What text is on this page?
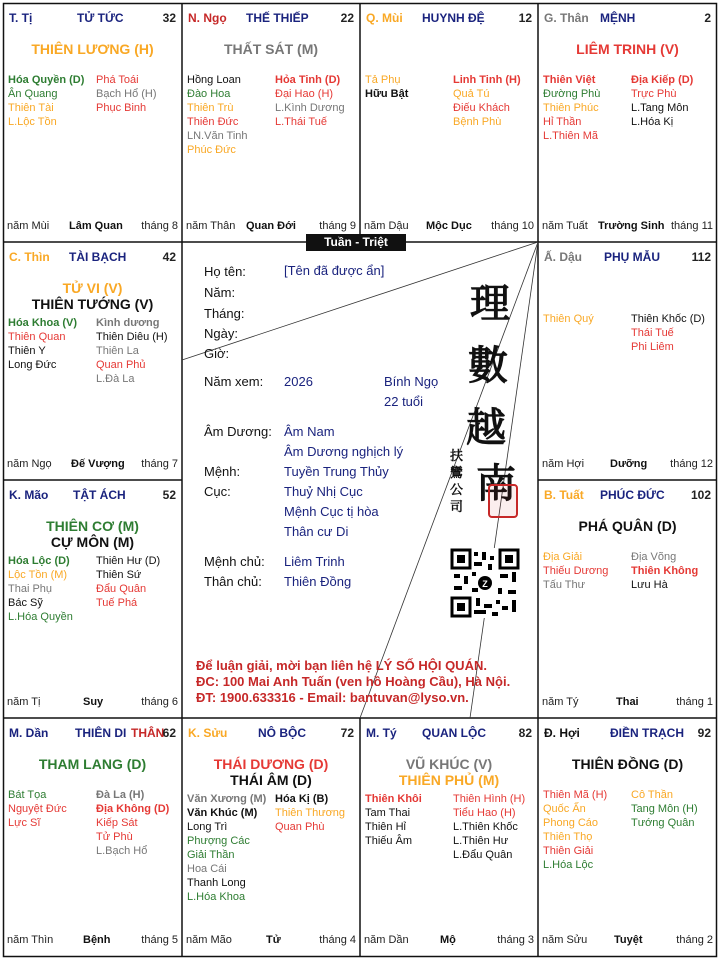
Tuần - Triệt
T. Tị	TỬ TỨC	32
THIÊN LƯƠNG (H)
Hóa Quyền (D)
Ân Quang
Thiên Tài
L.Lộc Tồn
Phá Toái
Bạch Hổ (H)
Phục Binh
năm Mùi Lâm Quan tháng 8
N. Ngọ THẾ THIẾP	22
THẤT SÁT (M)
Hồng Loan
Đào Hoa
Thiên Trù
Thiên Đức
LN.Văn Tinh
Phúc Đức
Hỏa Tinh (D)
Đại Hao (H)
L.Kình Dương
L.Thái Tuế
năm Thân Quan Đới tháng 9
Q. Mùi HUYNH ĐỆ	12
Tả Phụ
Hữu Bật
Linh Tinh (H)
Quả Tú
Điếu Khách
Bệnh Phù
năm Dậu Mộc Dục tháng 10
G. Thân MỆNH	2
LIÊM TRINH (V)
Thiên Việt
Đường Phù
Thiên Phúc
Hỉ Thần
L.Thiên Mã
Địa Kiếp (D)
Trực Phù
L.Tang Môn
L.Hóa Kị
năm Tuất Trường Sinh tháng 11
Ấ. Dậu PHỤ MẪU	112
Thiên Quý	Thiên Khốc (D)
Thái Tuế
Phi Liêm
năm Hợi Dưỡng tháng 12
B. Tuất PHÚC ĐỨC 102
PHÁ QUÂN (D)
Địa Giải
Thiếu Dương
Tấu Thư
Địa Võng
Thiên Không
Lưu Hà
năm Tý	Thai	tháng 1
Đ. Hợi	ĐIỀN TRẠCH 92
THIÊN ĐỒNG (D)
Thiên Mã (H)
Quốc Ấn
Phong Cáo
Thiên Thọ
Thiên Giải
L.Hóa Lộc
Cô Thần
Tang Môn (H)
Tướng Quân
năm Sửu Tuyệt	tháng 2
M. Tý QUAN LỘC	82
VŨ KHÚC (V)
THIÊN PHỦ (M)
Thiên Khôi
Tam Thai
Thiên Hỉ
Thiếu Âm
Thiên Hình (H)
Tiểu Hao (H)
L.Thiên Khốc
L.Thiên Hư
L.Đẩu Quân
năm Dần	Mộ	tháng 3
K. Sửu	NÔ BỘC	72
THÁI DƯƠNG (D)
THÁI ÂM (D)
Văn Xương (M)
Văn Khúc (M)
Long Trì
Phượng Các
Giải Thần
Hoa Cái
Thanh Long
L.Hóa Khoa
Hóa Kị (B)
Thiên Thương
Quan Phù
năm Mão	Tử	tháng 4
M. Dần THIÊN DI THÂN
62
THAM LANG (D)
Bát Tọa
Nguyệt Đức
Lực Sĩ
Đà La (H)
Địa Không (D)
Kiếp Sát
Tử Phù
L.Bạch Hổ
năm Thìn	Bệnh	tháng 5
K. Mão TẬT ÁCH	52
THIÊN CƠ (M)
CỰ MÔN (M)
Hóa Lộc (D)
Lộc Tồn (M)
Thai Phụ
Bác Sỹ
L.Hóa Quyền
Thiên Hư (D)
Thiên Sứ
Đẩu Quân
Tuế Phá
năm Tị	Suy	tháng 6
C. Thìn TÀI BẠCH	42
TỬ VI (V)
THIÊN TƯỚNG (V)
Hóa Khoa (V)
Thiên Quan
Thiên Y
Long Đức
Kình dương
Thiên Diêu (H)
Thiên La
Quan Phủ
L.Đà La
năm Ngọ Đế Vượng tháng 7
Họ tên:	[Tên đã được ẩn]
Năm:
Tháng:
Ngày:
Giờ:
Năm xem: 2026	Bính Ngọ
22 tuổi
Âm Dương: Âm Nam
Âm Dương nghịch lý
Mệnh:	Tuyền Trung Thủy
Cục:	Thuỷ Nhị Cục
Mệnh Cục tị hòa
Thân cư Di
Mệnh chủ: Liêm Trinh
Thân chủ: Thiên Đồng
理
數
越
南
扶鸞公司
Z
Để luận giải, mời bạn liên hệ LÝ SỐ HỘI QUÁN.
ĐC: 100 Mai Anh Tuấn (ven hồ Hoàng Cầu), Hà Nội.
ĐT: 1900.633316 - Email: bantuvan@lyso.vn.
